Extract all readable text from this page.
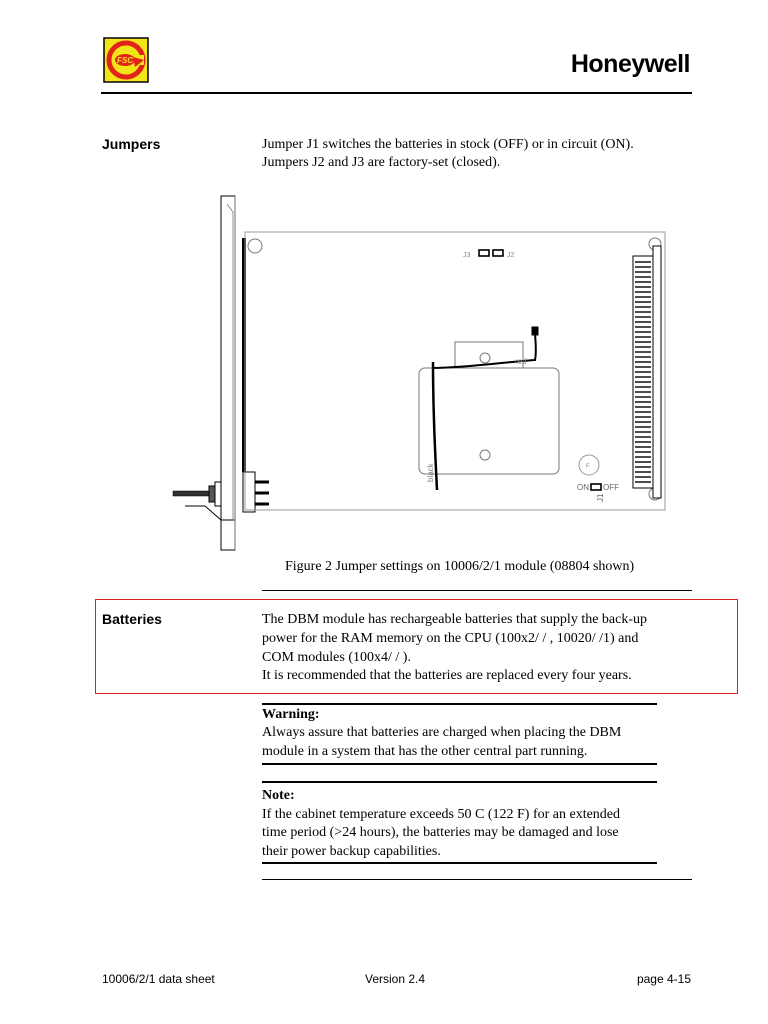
FSC	Honeywell
Jumpers	Jumper J1 switches the batteries in stock (OFF) or in circuit (ON).
Jumpers J2 and J3 are factory-set (closed).
J3	J2
red
black	F
ON OFF
J1
Figure 2 Jumper settings on 10006/2/1 module (08804 shown)
Batteries	The DBM module has rechargeable batteries that supply the back-up
power for the RAM memory on the CPU (100x2/ / , 10020/ /1) and
COM modules (100x4/ / ).
It is recommended that the batteries are replaced every four years.
Warning:
Always assure that batteries are charged when placing the DBM
module in a system that has the other central part running.
Note:
If the cabinet temperature exceeds 50 C (122 F) for an extended
time period (>24 hours), the batteries may be damaged and lose
their power backup capabilities.
10006/2/1 data sheet	Version 2.4	page 4-15
